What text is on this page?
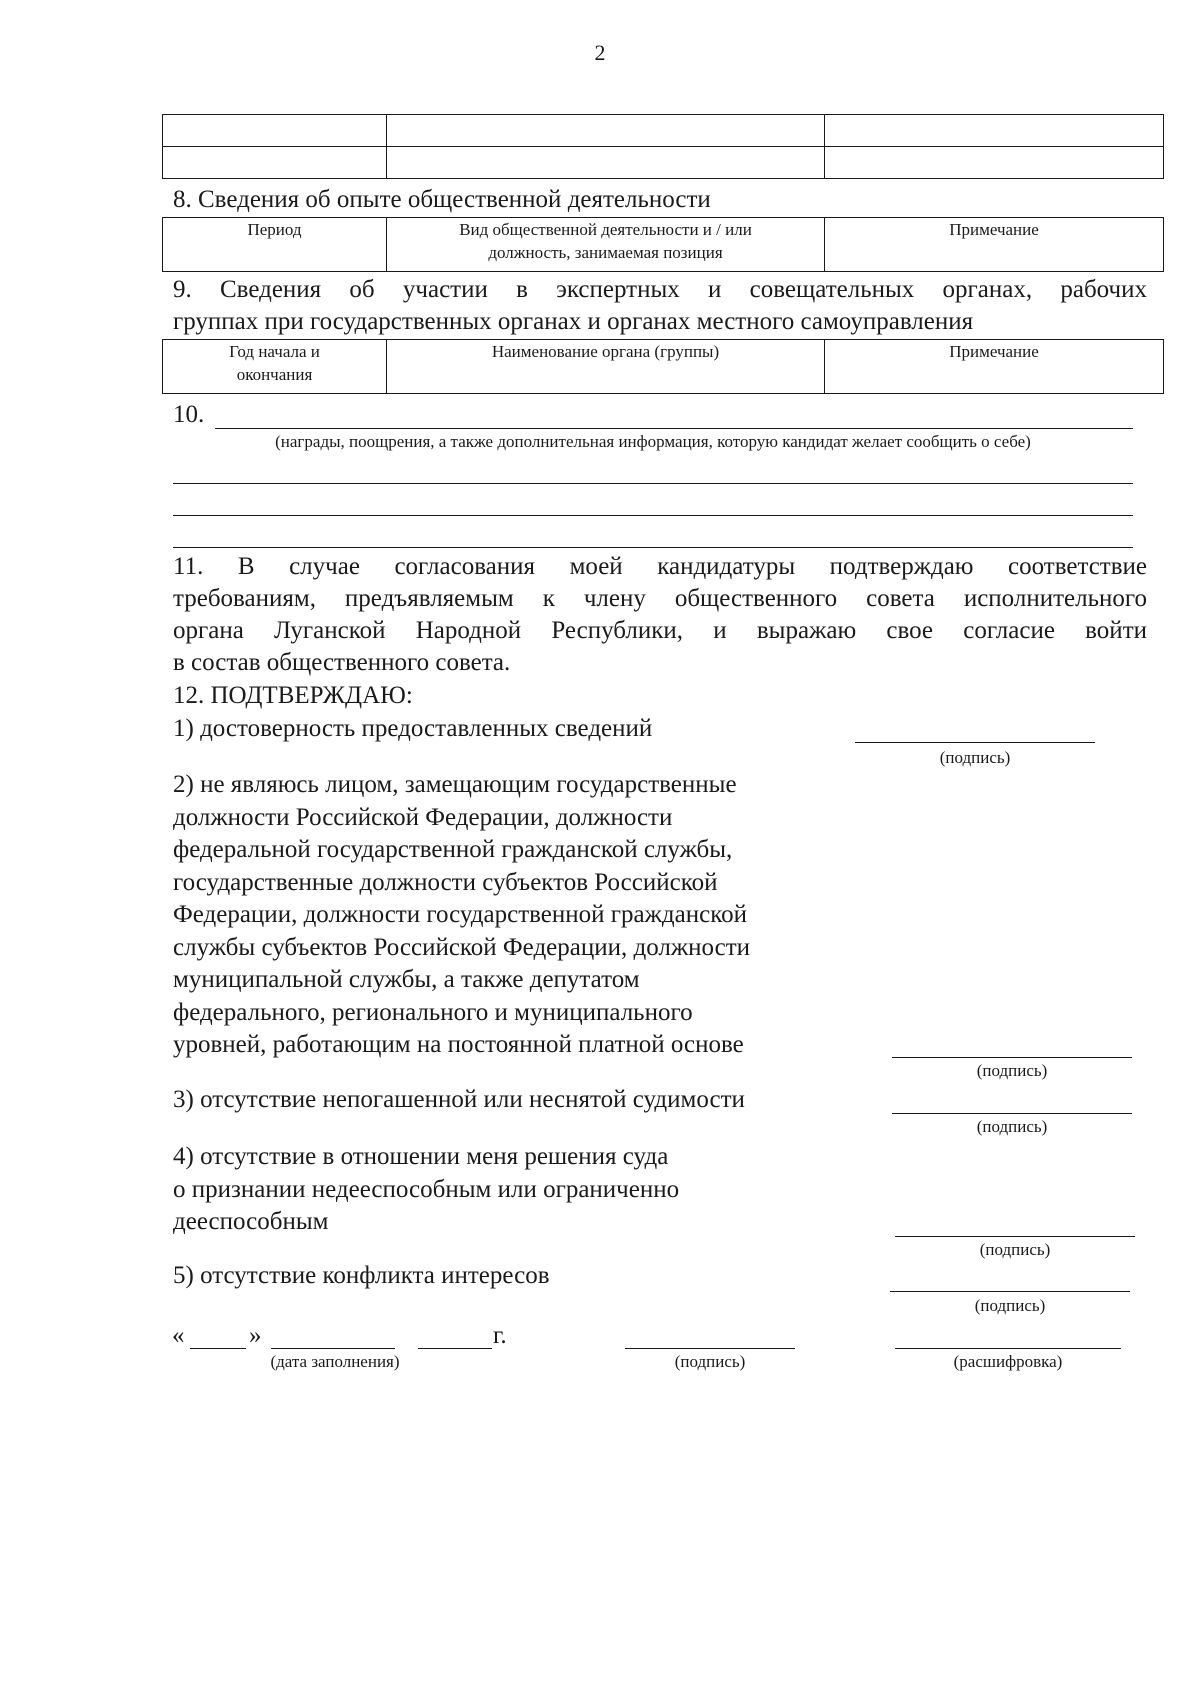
2

8. Сведения об опыте общественной деятельности
Период	Вид общественной деятельности и / или должность, занимаемая позиция	Примечание
9. Сведения об участии в экспертных и совещательных органах, рабочих
группах при государственных органах и органах местного самоуправления
Год начала и окончания	Наименование органа (группы)	Примечание
10.
(награды, поощрения, а также дополнительная информация, которую кандидат желает сообщить о себе)
11. В случае согласования моей кандидатуры подтверждаю соответствие
требованиям, предъявляемым к члену общественного совета исполнительного
органа Луганской Народной Республики, и выражаю свое согласие войти
в состав общественного совета.
12. ПОДТВЕРЖДАЮ:
1) достоверность предоставленных сведений
(подпись)
2) не являюсь лицом, замещающим государственные
должности Российской Федерации, должности
федеральной государственной гражданской службы,
государственные должности субъектов Российской
Федерации, должности государственной гражданской
службы субъектов Российской Федерации, должности
муниципальной службы, а также депутатом
федерального, регионального и муниципального
уровней, работающим на постоянной платной основе
(подпись)
3) отсутствие непогашенной или неснятой судимости
(подпись)
4) отсутствие в отношении меня решения суда
о признании недееспособным или ограниченно
дееспособным
(подпись)
5) отсутствие конфликта интересов
(подпись)
«	»	г.
(дата заполнения)	(подпись)	(расшифровка)
